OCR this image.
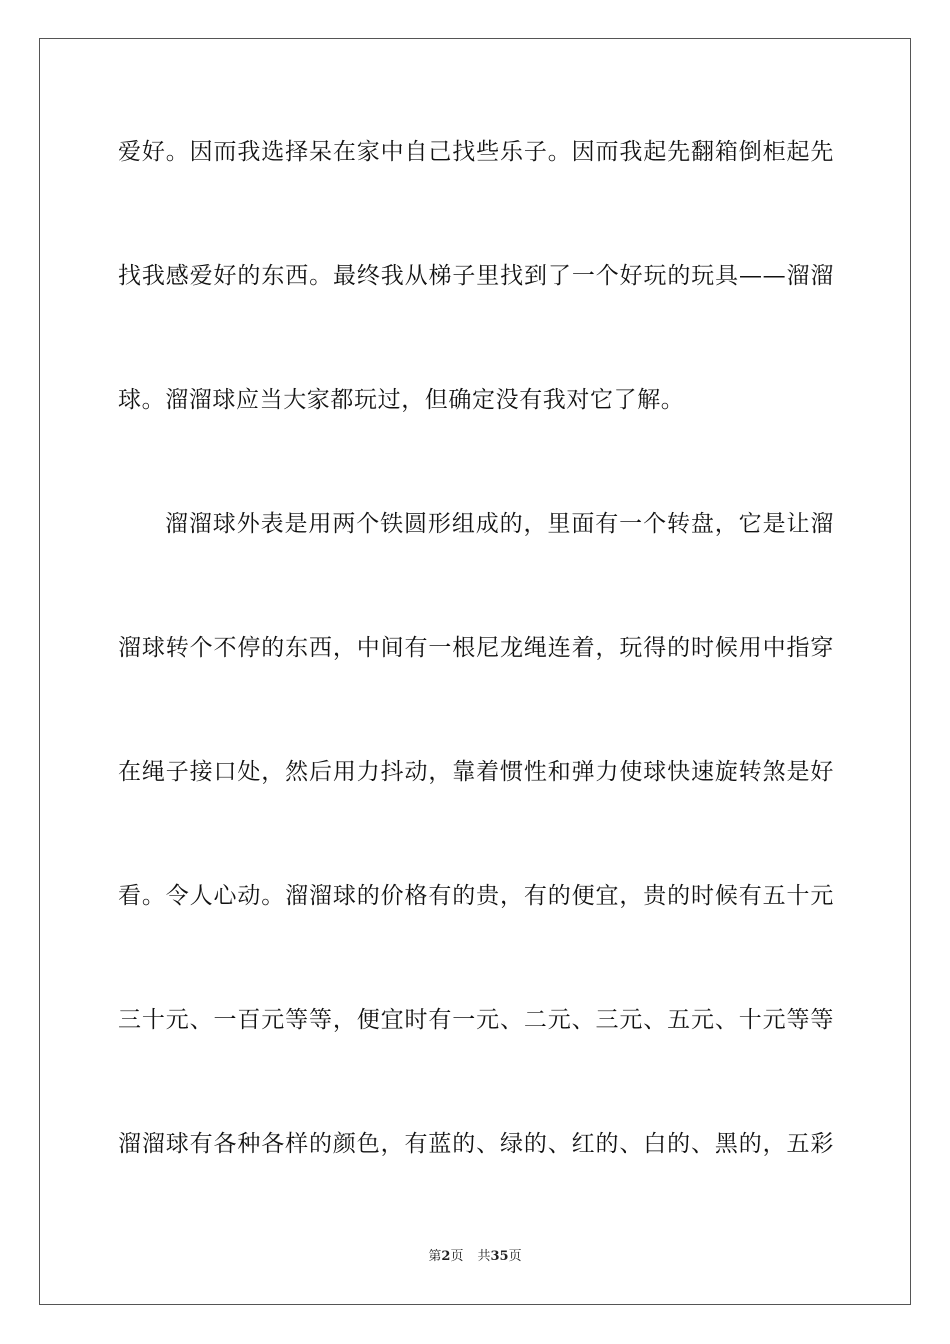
爱好。因而我选择呆在家中自己找些乐子。因而我起先翻箱倒柜起先
找我感爱好的东西。最终我从梯子里找到了一个好玩的玩具——溜溜
球。溜溜球应当大家都玩过，但确定没有我对它了解。
溜溜球外表是用两个铁圆形组成的，里面有一个转盘，它是让溜
溜球转个不停的东西，中间有一根尼龙绳连着，玩得的时候用中指穿
在绳子接口处，然后用力抖动，靠着惯性和弹力使球快速旋转煞是好
看。令人心动。溜溜球的价格有的贵，有的便宜，贵的时候有五十元
三十元、一百元等等，便宜时有一元、二元、三元、五元、十元等等
溜溜球有各种各样的颜色，有蓝的、绿的、红的、白的、黑的，五彩
第2页 共35页
